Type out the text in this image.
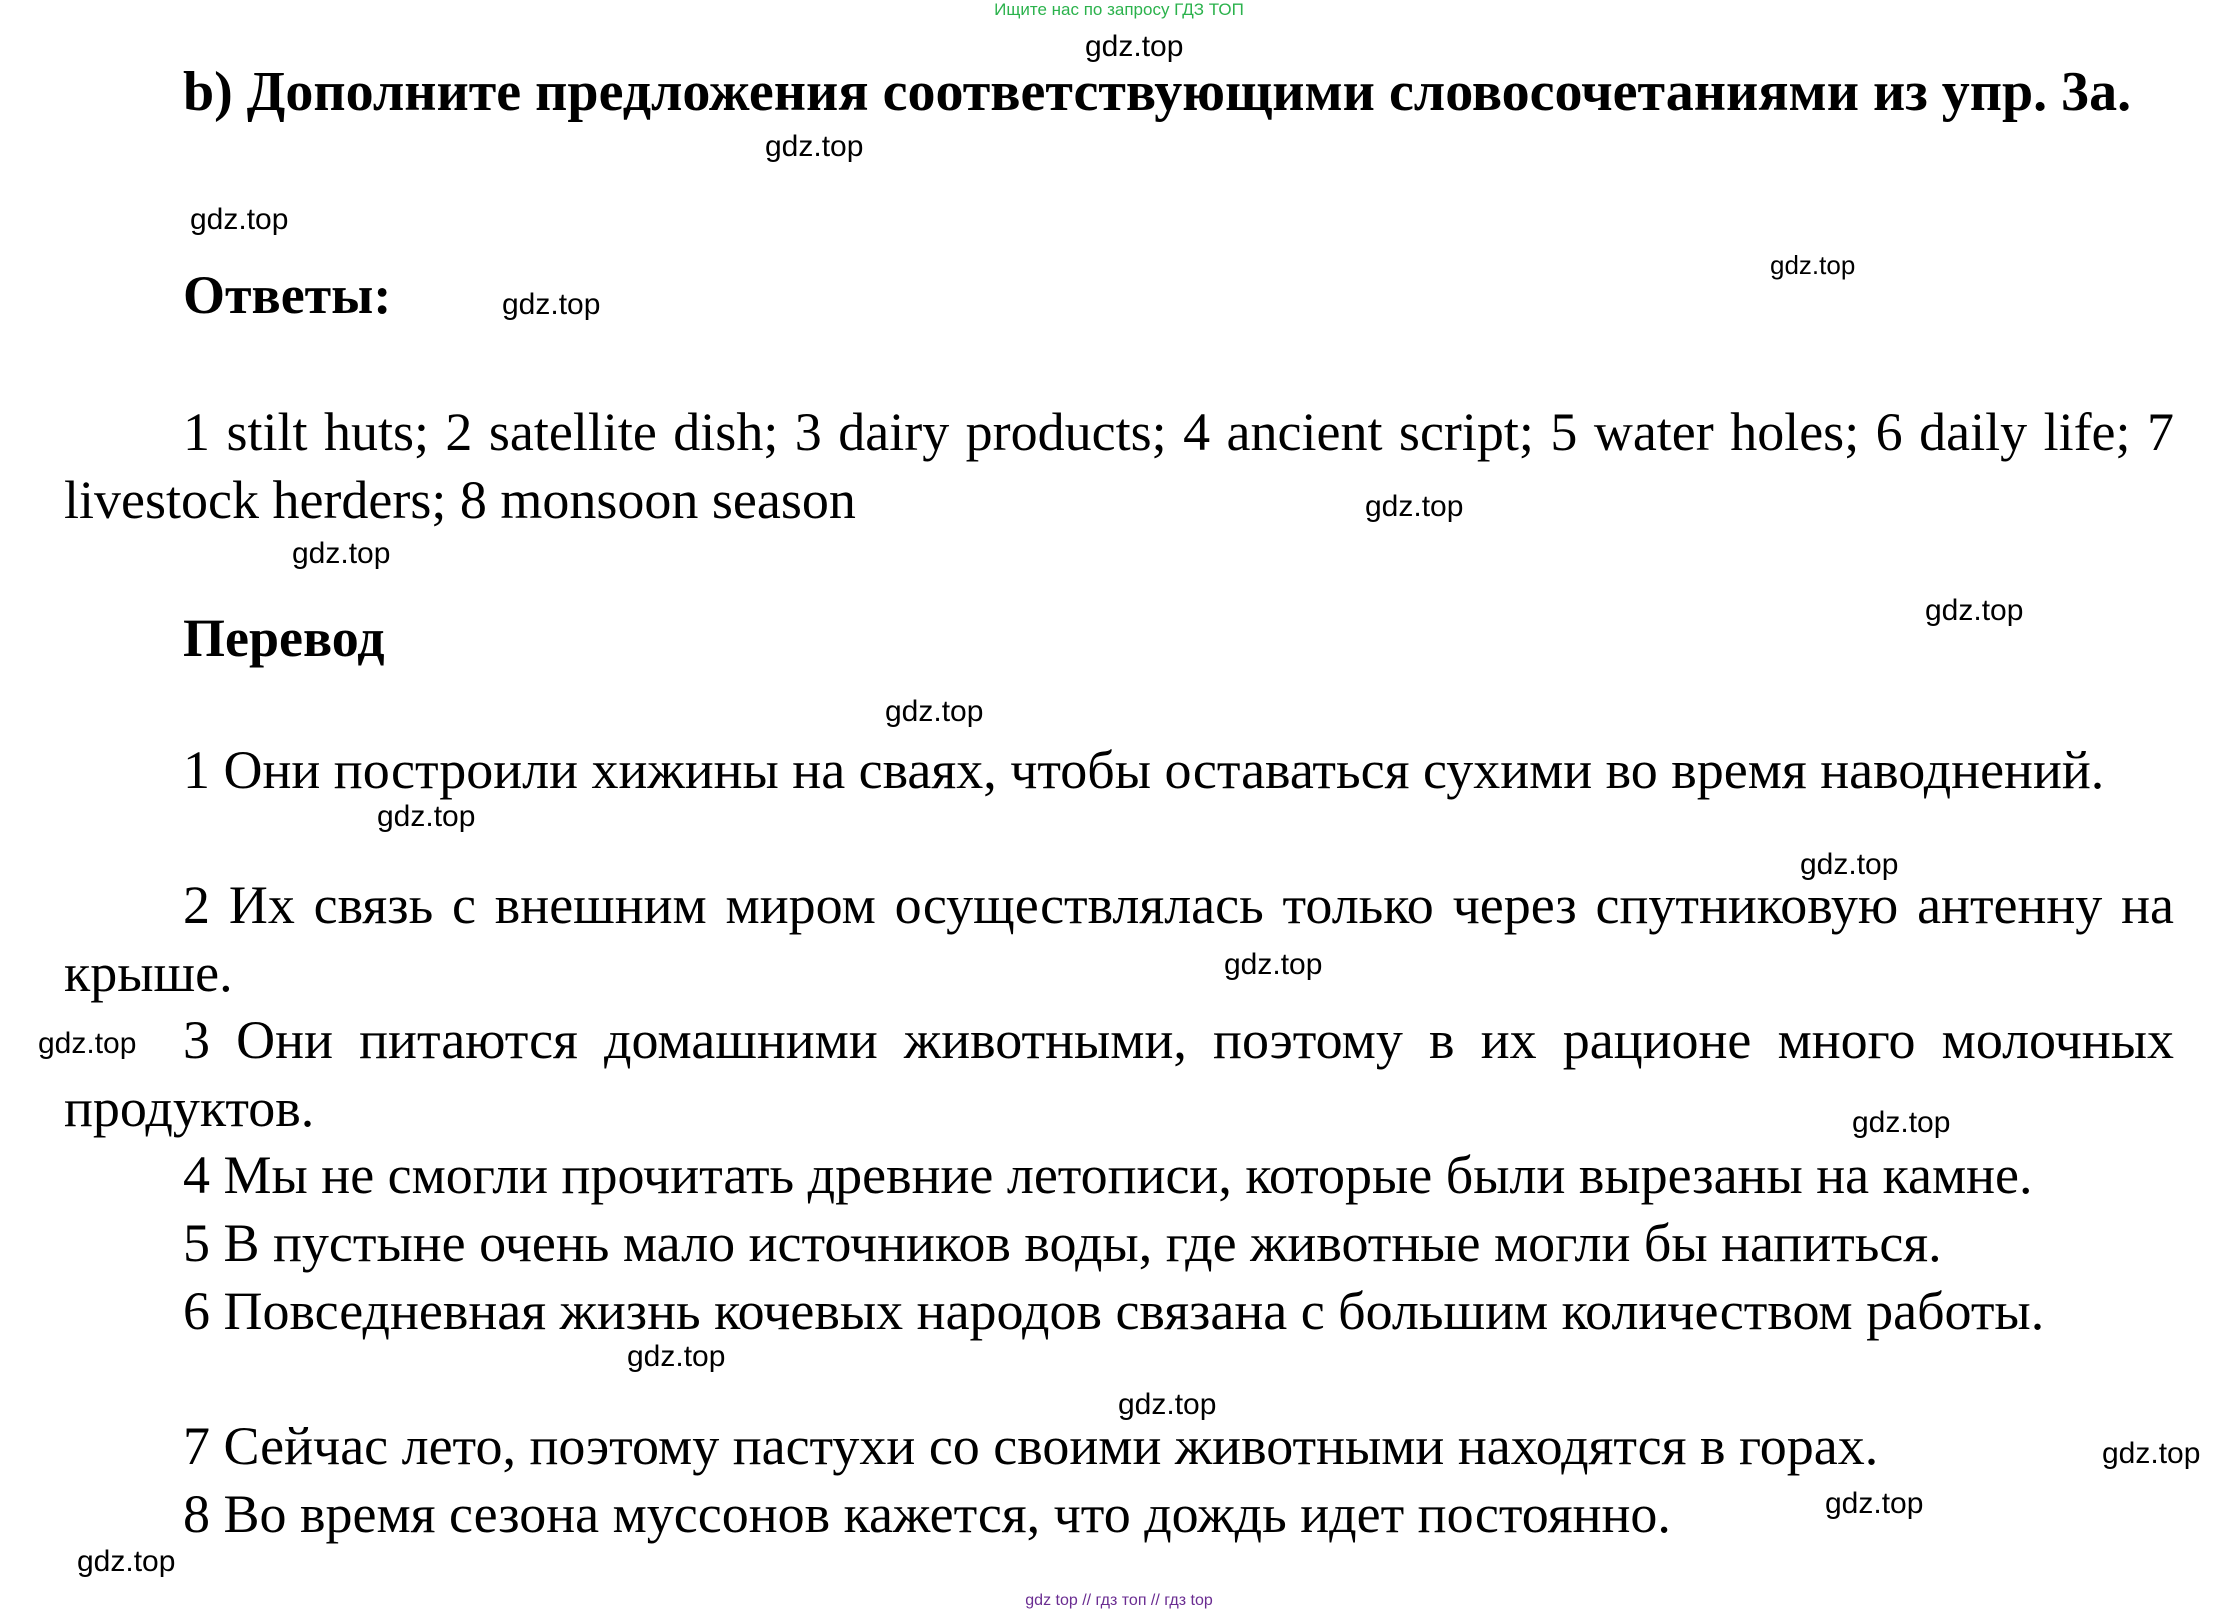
Ищите нас по запросу ГДЗ ТОП

b) Дополните предложения соответствующими словосочетаниями из упр. 3a.

Ответы:

1 stilt huts; 2 satellite dish; 3 dairy products; 4 ancient script; 5 water holes; 6 daily life; 7 livestock herders; 8 monsoon season

Перевод

1 Они построили хижины на сваях, чтобы оставаться сухими во время наводнений.

2 Их связь с внешним миром осуществлялась только через спутниковую антенну на крыше.

3 Они питаются домашними животными, поэтому в их рационе много молочных продуктов.

4 Мы не смогли прочитать древние летописи, которые были вырезаны на камне.

5 В пустыне очень мало источников воды, где животные могли бы напиться.

6 Повседневная жизнь кочевых народов связана с большим количеством работы.

7 Сейчас лето, поэтому пастухи со своими животными находятся в горах.

8 Во время сезона муссонов кажется, что дождь идет постоянно.

gdz.top
gdz.top
gdz.top
gdz.top
gdz.top
gdz.top
gdz.top
gdz.top
gdz.top
gdz.top
gdz.top
gdz.top
gdz.top
gdz.top
gdz.top
gdz.top
gdz.top
gdz.top
gdz.top
gdz top // гдз топ // гдз top
